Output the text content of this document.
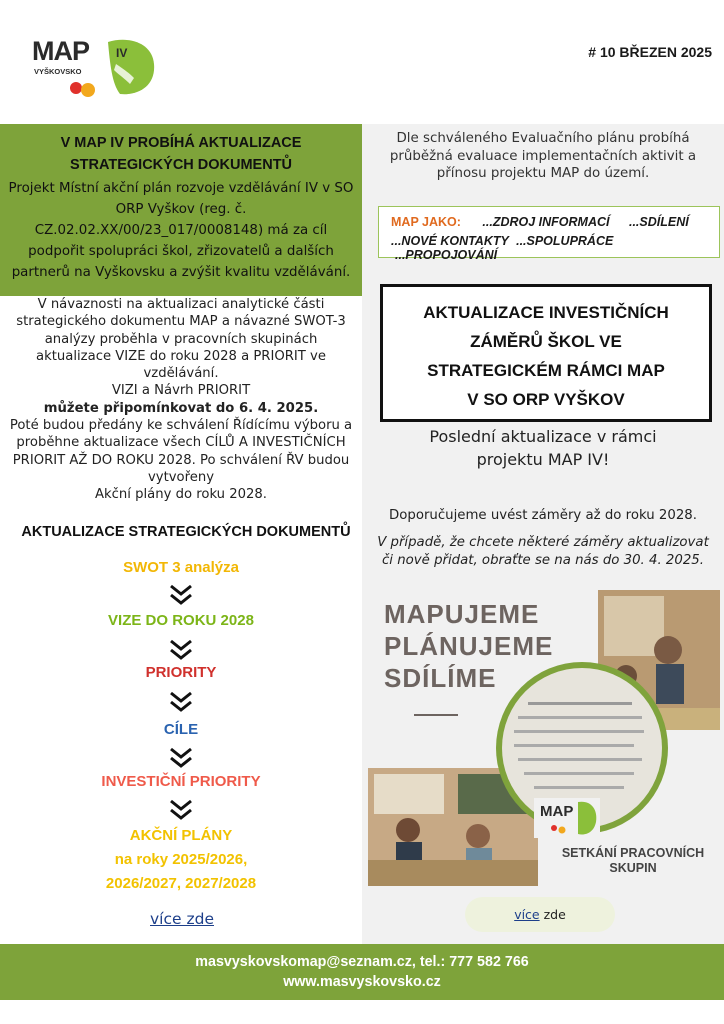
MAP IV
VYŠKOVSKO
# 10 BŘEZEN 2025
V MAP IV PROBÍHÁ AKTUALIZACE
STRATEGICKÝCH DOKUMENTŮ
Projekt Místní akční plán rozvoje vzdělávání IV v SO ORP Vyškov (reg. č. CZ.02.02.XX/00/23_017/0008148) má za cíl podpořit spolupráci škol, zřizovatelů a dalších partnerů na Vyškovsku a zvýšit kvalitu vzdělávání.

V návaznosti na aktualizaci analytické části strategického dokumentu MAP a návazné SWOT-3 analýzy proběhla v pracovních skupinách aktualizace VIZE do roku 2028 a PRIORIT ve vzdělávání.

VIZI a Návrh PRIORIT

můžete připomínkovat do 6. 4. 2025.

Poté budou předány ke schválení Řídícímu výboru a proběhne aktualizace všech CÍLŮ A INVESTIČNÍCH PRIORIT AŽ DO ROKU 2028. Po schválení ŘV budou vytvořeny

Akční plány do roku 2028.

AKTUALIZACE STRATEGICKÝCH DOKUMENTŮ
SWOT 3 analýza
VIZE DO ROKU 2028
PRIORITY
CÍLE
INVESTIČNÍ PRIORITY
AKČNÍ PLÁNY
na roky 2025/2026,
2026/2027, 2027/2028
více zde
Dle schváleného Evaluačního plánu probíhá průběžná evaluace implementačních aktivit a přínosu projektu MAP do území.
MAP JAKO: ...ZDROJ INFORMACÍ ...SDÍLENÍ
...NOVÉ KONTAKTY ...SPOLUPRÁCE ...PROPOJOVÁNÍ
AKTUALIZACE INVESTIČNÍCH
ZÁMĚRŮ ŠKOL VE
STRATEGICKÉM RÁMCI MAP
V SO ORP VYŠKOV
Poslední aktualizace v rámci
projektu MAP IV!
Doporučujeme uvést záměry až do roku 2028.
V případě, že chcete některé záměry aktualizovat či nově přidat, obraťte se na nás do 30. 4. 2025.
MAP
MAPUJEME
PLÁNUJEME
SDÍLÍME
SETKÁNÍ PRACOVNÍCH
SKUPIN
více zde
masvyskovskomap@seznam.cz, tel.: 777 582 766
www.masvyskovsko.cz
